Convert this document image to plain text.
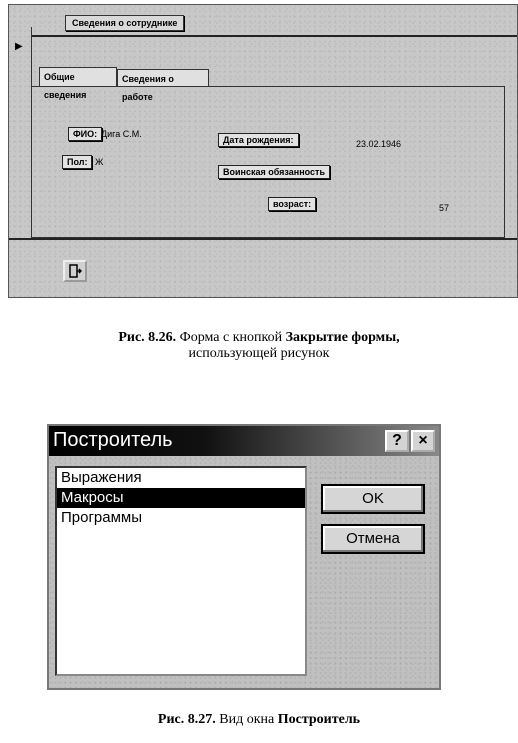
Сведения о сотруднике
▶
Общие сведения
Сведения о работе
ФИО: Дига С.М.
Пол: Ж
Дата рождения:	23.02.1946
Воинская обязанность
возраст:	57
Рис. 8.26. Форма с кнопкой Закрытие формы,
использующей рисунок
Построитель	?	×
Выражения
Макросы
Программы
OK
Отмена
Рис. 8.27. Вид окна Построитель
